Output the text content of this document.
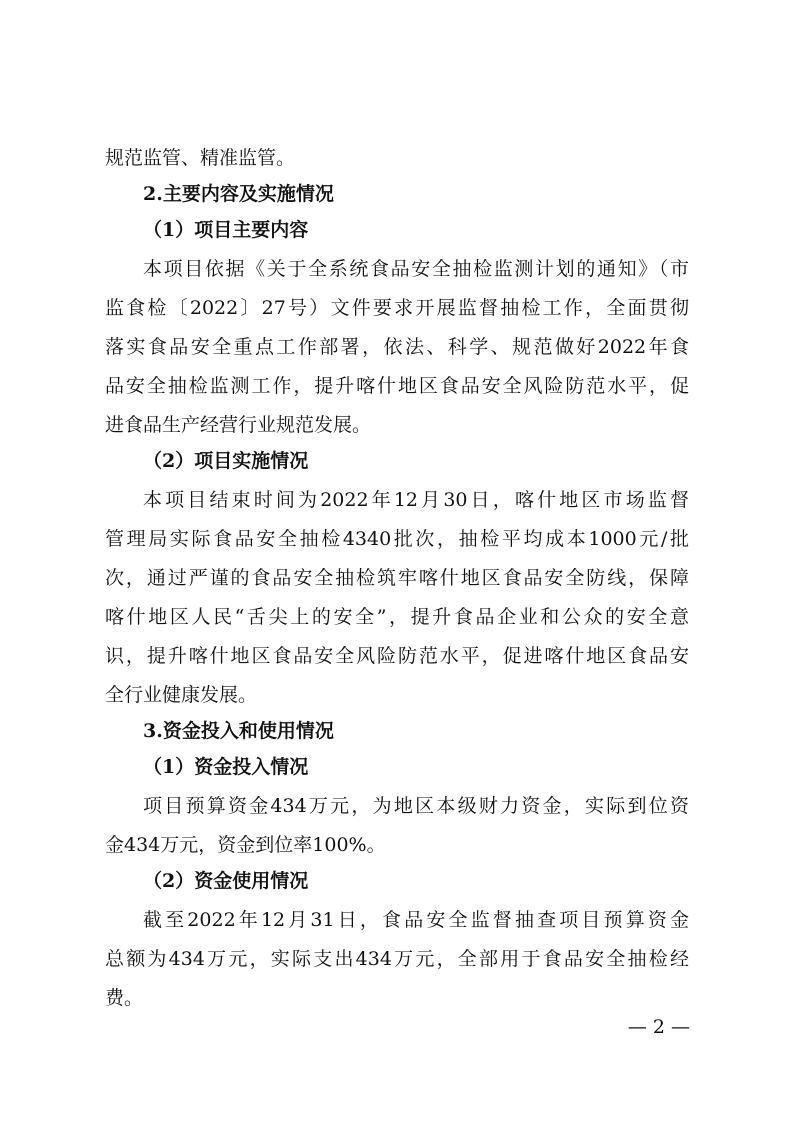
规范监管、精准监管。
2.主要内容及实施情况
（1）项目主要内容
本项目依据《关于全系统食品安全抽检监测计划的通知》（市
监食检〔2022〕27号）文件要求开展监督抽检工作，全面贯彻
落实食品安全重点工作部署，依法、科学、规范做好2022年食
品安全抽检监测工作，提升喀什地区食品安全风险防范水平，促
进食品生产经营行业规范发展。
（2）项目实施情况
本项目结束时间为2022年12月30日，喀什地区市场监督
管理局实际食品安全抽检4340批次，抽检平均成本1000元/批
次，通过严谨的食品安全抽检筑牢喀什地区食品安全防线，保障
喀什地区人民“舌尖上的安全”，提升食品企业和公众的安全意
识，提升喀什地区食品安全风险防范水平，促进喀什地区食品安
全行业健康发展。
3.资金投入和使用情况
（1）资金投入情况
项目预算资金434万元，为地区本级财力资金，实际到位资
金434万元，资金到位率100%。
（2）资金使用情况
截至2022年12月31日，食品安全监督抽查项目预算资金
总额为434万元，实际支出434万元，全部用于食品安全抽检经
费。
— 2 —
